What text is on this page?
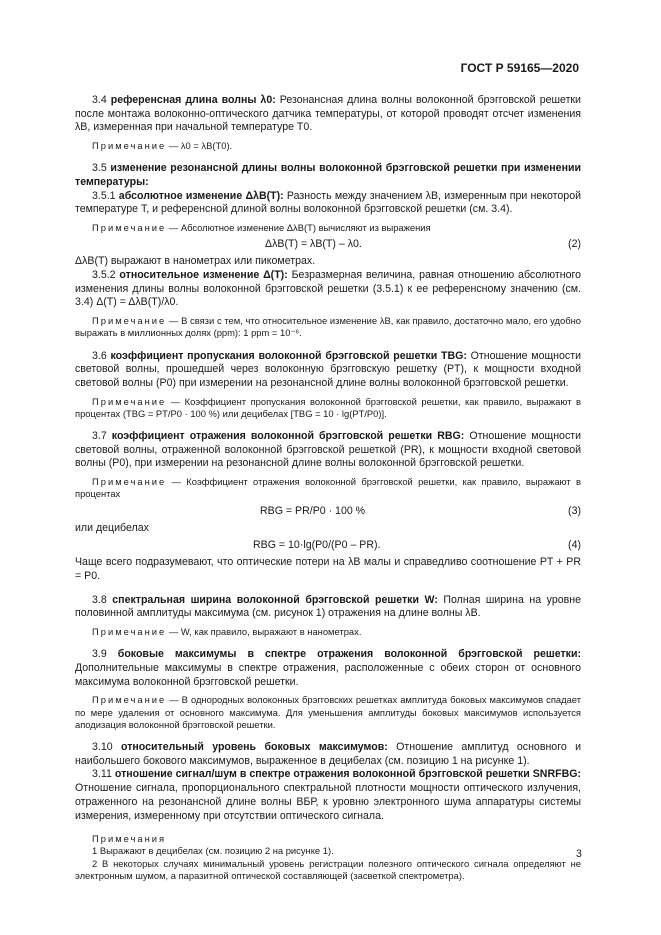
ГОСТ Р 59165—2020

3.4 референсная длина волны λ0: Резонансная длина волны волоконной брэгговской решетки после монтажа волоконно-оптического датчика температуры, от которой проводят отсчет изменения λB, измеренная при начальной температуре T0.

Примечание — λ0 = λB(T0).

3.5 изменение резонансной длины волны волоконной брэгговской решетки при изменении температуры:

3.5.1 абсолютное изменение ΔλB(T): Разность между значением λB, измеренным при некоторой температуре T, и референсной длиной волны волоконной брэгговской решетки (см. 3.4).

Примечание — Абсолютное изменение ΔλB(T) вычисляют из выражения

ΔλB(T) = λB(T) – λ0.	(2)

ΔλB(T) выражают в нанометрах или пикометрах.

3.5.2 относительное изменение Δ(T): Безразмерная величина, равная отношению абсолютного изменения длины волны волоконной брэгговской решетки (3.5.1) к ее референсному значению (см. 3.4) Δ(T) = ΔλB(T)/λ0.

Примечание — В связи с тем, что относительное изменение λB, как правило, достаточно мало, его удобно выражать в миллионных долях (ppm): 1 ppm = 10⁻⁶.

3.6 коэффициент пропускания волоконной брэгговской решетки TBG: Отношение мощности световой волны, прошедшей через волоконную брэгговскую решетку (PT), к мощности входной световой волны (P0) при измерении на резонансной длине волны волоконной брэгговской решетки.

Примечание — Коэффициент пропускания волоконной брэгговской решетки, как правило, выражают в процентах (TBG = PT/P0 · 100 %) или децибелах [TBG = 10 · lg(PT/P0)].

3.7 коэффициент отражения волоконной брэгговской решетки RBG: Отношение мощности световой волны, отраженной волоконной брэгговской решеткой (PR), к мощности входной световой волны (P0), при измерении на резонансной длине волны волоконной брэгговской решетки.

Примечание — Коэффициент отражения волоконной брэгговской решетки, как правило, выражают в процентах

RBG = PR/P0 · 100 %	(3)

или децибелах

RBG = 10·lg(P0/(P0 – PR).	(4)

Чаще всего подразумевают, что оптические потери на λB малы и справедливо соотношение PT + PR = P0.

3.8 спектральная ширина волоконной брэгговской решетки W: Полная ширина на уровне половинной амплитуды максимума (см. рисунок 1) отражения на длине волны λB.

Примечание — W, как правило, выражают в нанометрах.

3.9 боковые максимумы в спектре отражения волоконной брэгговской решетки: Дополнительные максимумы в спектре отражения, расположенные с обеих сторон от основного максимума волоконной брэгговской решетки.

Примечание — В однородных волоконных брэгговских решетках амплитуда боковых максимумов спадает по мере удаления от основного максимума. Для уменьшения амплитуды боковых максимумов используется аподизация волоконной брэгговской решетки.

3.10 относительный уровень боковых максимумов: Отношение амплитуд основного и наибольшего бокового максимумов, выраженное в децибелах (см. позицию 1 на рисунке 1).

3.11 отношение сигнал/шум в спектре отражения волоконной брэгговской решетки SNRFBG: Отношение сигнала, пропорционального спектральной плотности мощности оптического излучения, отраженного на резонансной длине волны ВБР, к уровню электронного шума аппаратуры системы измерения, измеренному при отсутствии оптического сигнала.

Примечания

1 Выражают в децибелах (см. позицию 2 на рисунке 1).

2 В некоторых случаях минимальный уровень регистрации полезного оптического сигнала определяют не электронным шумом, а паразитной оптической составляющей (засветкой спектрометра).

3
